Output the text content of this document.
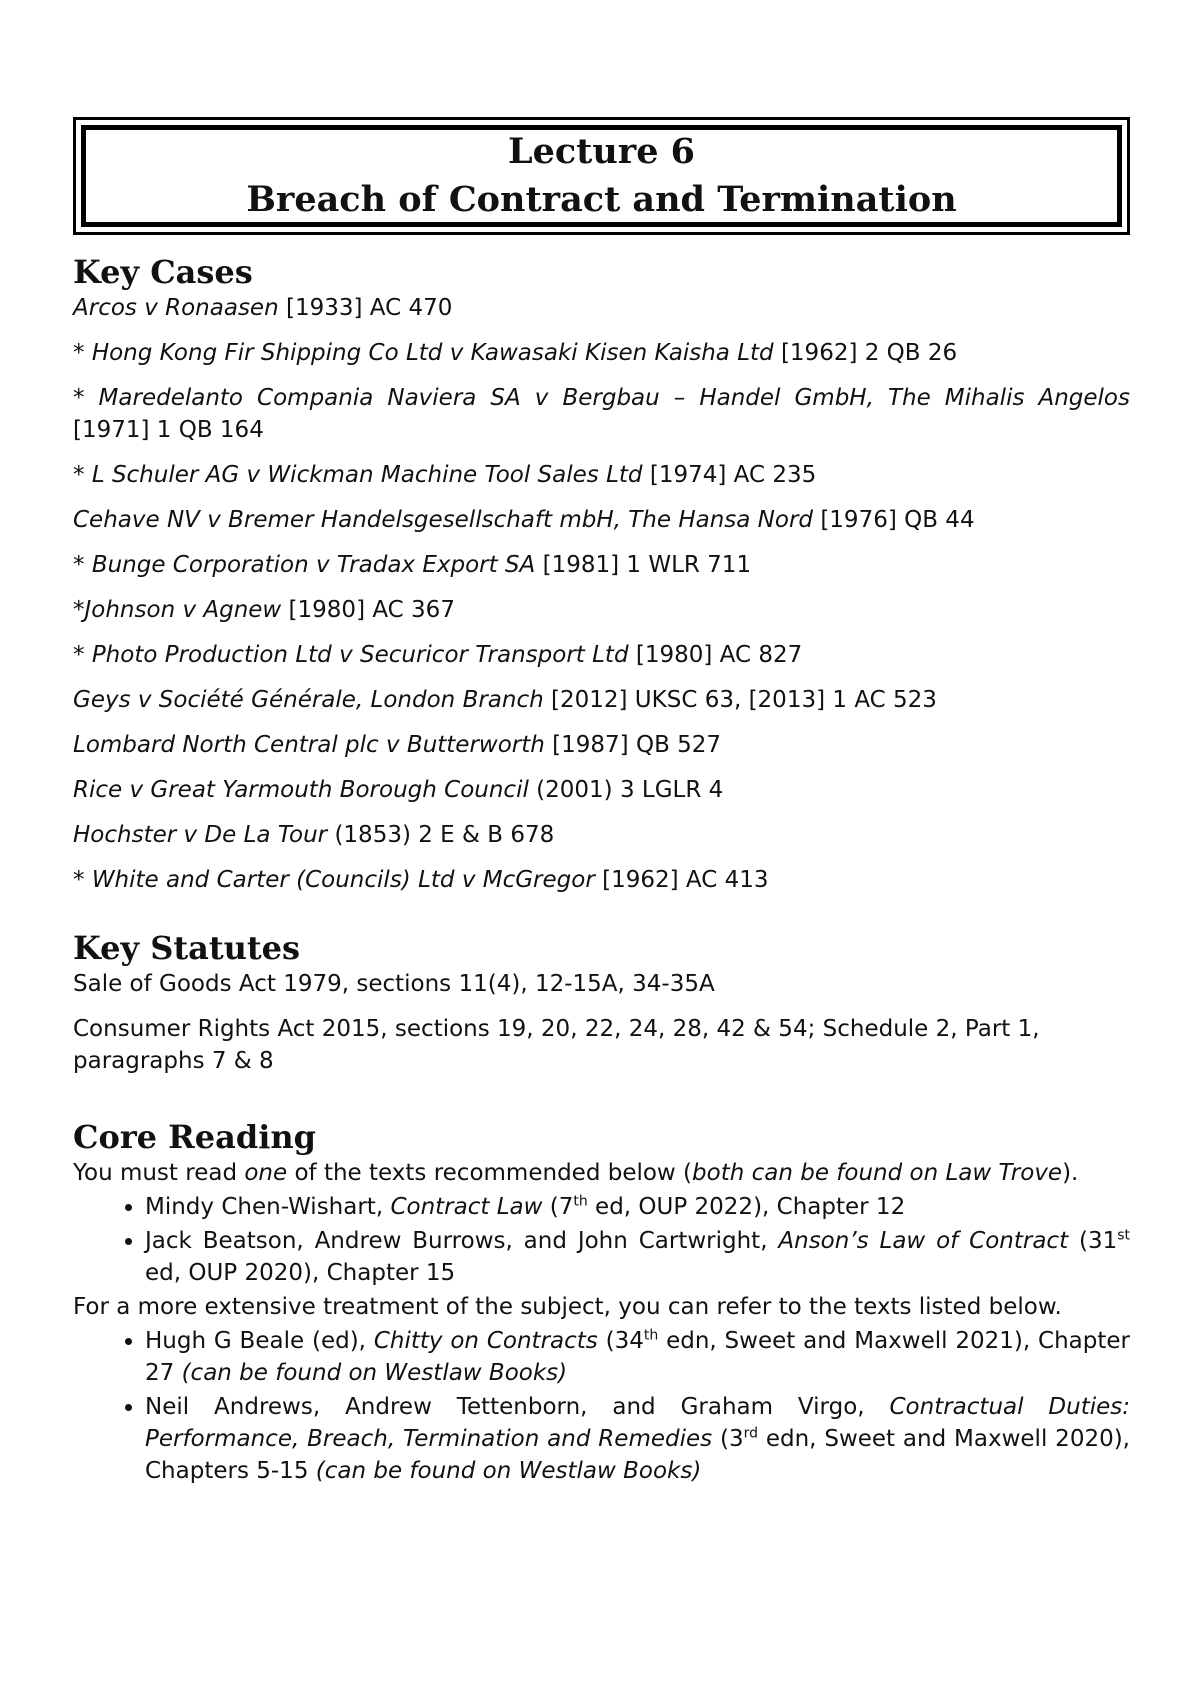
Lecture 6
Breach of Contract and Termination
Key Cases

Arcos v Ronaasen [1933] AC 470

* Hong Kong Fir Shipping Co Ltd v Kawasaki Kisen Kaisha Ltd [1962] 2 QB 26

* Maredelanto Compania Naviera SA v Bergbau – Handel GmbH, The Mihalis Angelos [1971] 1 QB 164

* L Schuler AG v Wickman Machine Tool Sales Ltd [1974] AC 235

Cehave NV v Bremer Handelsgesellschaft mbH, The Hansa Nord [1976] QB 44

* Bunge Corporation v Tradax Export SA [1981] 1 WLR 711

*Johnson v Agnew [1980] AC 367

* Photo Production Ltd v Securicor Transport Ltd [1980] AC 827

Geys v Société Générale, London Branch [2012] UKSC 63, [2013] 1 AC 523

Lombard North Central plc v Butterworth [1987] QB 527

Rice v Great Yarmouth Borough Council (2001) 3 LGLR 4

Hochster v De La Tour (1853) 2 E & B 678

* White and Carter (Councils) Ltd v McGregor [1962] AC 413

Key Statutes

Sale of Goods Act 1979, sections 11(4), 12-15A, 34-35A

Consumer Rights Act 2015, sections 19, 20, 22, 24, 28, 42 & 54; Schedule 2, Part 1, paragraphs 7 & 8

Core Reading

You must read one of the texts recommended below (both can be found on Law Trove).

• Mindy Chen-Wishart, Contract Law (7th ed, OUP 2022), Chapter 12
• Jack Beatson, Andrew Burrows, and John Cartwright, Anson’s Law of Contract (31st ed, OUP 2020), Chapter 15

For a more extensive treatment of the subject, you can refer to the texts listed below.

• Hugh G Beale (ed), Chitty on Contracts (34th edn, Sweet and Maxwell 2021), Chapter 27 (can be found on Westlaw Books)
• Neil Andrews, Andrew Tettenborn, and Graham Virgo, Contractual Duties: Performance, Breach, Termination and Remedies (3rd edn, Sweet and Maxwell 2020), Chapters 5-15 (can be found on Westlaw Books)
